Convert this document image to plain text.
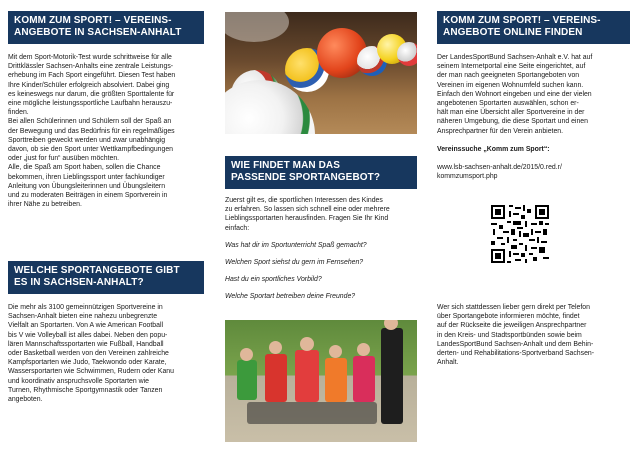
KOMM ZUM SPORT! – VEREINS-
ANGEBOTE IN SACHSEN-ANHALT

Mit dem Sport-Motorik-Test wurde schrittweise für alle

Drittklässler Sachsen-Anhalts eine zentrale Leistungs-

erhebung im Fach Sport eingeführt. Diesen Test haben

Ihre Kinder/Schüler erfolgreich absolviert. Dabei ging

es keineswegs nur darum, die größten Sporttalente für

eine mögliche leistungssportliche Laufbahn herauszu-

finden.

Bei allen Schülerinnen und Schülern soll der Spaß an

der Bewegung und das Bedürfnis für ein regelmäßiges

Sporttreiben geweckt werden und zwar unabhängig

davon, ob sie den Sport unter Wettkampfbedingungen

oder „just for fun“ ausüben möchten.

Alle, die Spaß am Sport haben, sollen die Chance

bekommen, ihren Lieblingssport unter fachkundiger

Anleitung von Übungsleiterinnen und Übungsleitern

und zu moderaten Beiträgen in einem Sportverein in

ihrer Nähe zu betreiben.

WELCHE SPORTANGEBOTE GIBT
ES IN SACHSEN-ANHALT?

Die mehr als 3100 gemeinnützigen Sportvereine in

Sachsen-Anhalt bieten eine nahezu unbegrenzte

Vielfalt an Sportarten. Von A wie American Football

bis V wie Volleyball ist alles dabei. Neben den popu-

lären Mannschaftssportarten wie Fußball, Handball

oder Basketball werden von den Vereinen zahlreiche

Kampfsportarten wie Judo, Taekwondo oder Karate,

Wassersportarten wie Schwimmen, Rudern oder Kanu

und koordinativ anspruchsvolle Sportarten wie

Turnen, Rhythmische Sportgymnastik oder Tanzen

angeboten.

WIE FINDET MAN DAS
PASSENDE SPORTANGEBOT?

Zuerst gilt es, die sportlichen Interessen des Kindes

zu erfahren. So lassen sich schnell eine oder mehrere

Lieblingssportarten herausfinden. Fragen Sie Ihr Kind

einfach:

Was hat dir im Sportunterricht Spaß gemacht?

Welchen Sport siehst du gern im Fernsehen?

Hast du ein sportliches Vorbild?

Welche Sportart betreiben deine Freunde?

KOMM ZUM SPORT! – VEREINS-
ANGEBOTE ONLINE FINDEN

Der LandesSportBund Sachsen-Anhalt e.V. hat auf

seinem Internetportal eine Seite eingerichtet, auf

der man nach geeigneten Sportangeboten von

Vereinen im eigenen Wohnumfeld suchen kann.

Einfach den Wohnort eingeben und eine der vielen

angebotenen Sportarten auswählen, schon er-

hält man eine Übersicht aller Sportvereine in der

näheren Umgebung, die diese Sportart und einen

Ansprechpartner für den Verein anbieten.

Vereinssuche „Komm zum Sport“:

www.lsb-sachsen-anhalt.de/2015/0.red.r/

kommzumsport.php

Wer sich stattdessen lieber gern direkt per Telefon

über Sportangebote informieren möchte, findet

auf der Rückseite die jeweiligen Ansprechpartner

in den Kreis- und Stadtsportbünden sowie beim

LandesSportBund Sachsen-Anhalt und dem Behin-

derten- und Rehabilitations-Sportverband Sachsen-

Anhalt.
